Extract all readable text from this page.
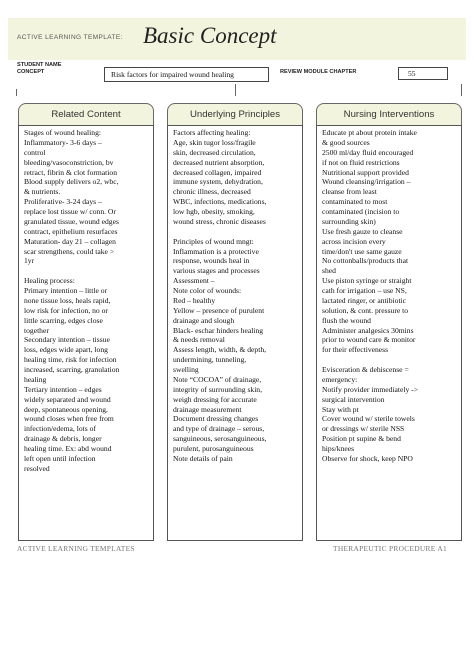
ACTIVE LEARNING TEMPLATE: Basic Concept
STUDENT NAME
CONCEPT	Risk factors for impaired wound healing	REVIEW MODULE CHAPTER	55
Related Content	Underlying Principles	Nursing Interventions
Stages of wound healing:
Inflammatory- 3-6 days –
control
bleeding/vasoconstriction, bv
retract, fibrin & clot formation
Blood supply delivers o2, wbc,
& nutrients.
Proliferative- 3-24 days –
replace lost tissue w/ conn. Or
granulated tissue, wound edges
contract, epithelium resurfaces
Maturation- day 21 – collagen
scar strengthens, could take >
1yr
Healing process:
Primary intention – little or
none tissue loss, heals rapid,
low risk for infection, no or
little scarring, edges close
together
Secondary intention – tissue
loss, edges wide apart, long
healing time, risk for infection
increased, scarring, granulation
healing
Tertiary intention – edges
widely separated and wound
deep, spontaneous opening,
wound closes when free from
infection/edema, lots of
drainage & debris, longer
healing time. Ex: abd wound
left open until infection
resolved
Factors affecting healing:
Age, skin tugor loss/fragile
skin, decreased circulation,
decreased nutrient absorption,
decreased collagen, impaired
immune system, dehydration,
chronic illness, decreased
WBC, infections, medications,
low hgb, obesity, smoking,
wound stress, chronic diseases
Principles of wound mngt:
Inflammation is a protective
response, wounds heal in
various stages and processes
Assessment –
Note color of wounds:
Red – healthy
Yellow – presence of purulent
drainage and slough
Black- eschar hinders healing
& needs removal
Assess length, width, & depth,
undermining, tunneling,
swelling
Note “COCOA” of drainage,
integrity of surrounding skin,
weigh dressing for accurate
drainage measurement
Document dressing changes
and type of drainage – serous,
sanguineous, serosanguineous,
purulent, purosanguineous
Note details of pain
Educate pt about protein intake
& good sources
2500 ml/day fluid encouraged
if not on fluid restrictions
Nutritional support provided
Wound cleansing/irrigation –
cleanse from least
contaminated to most
contaminated (incision to
surrounding skin)
Use fresh gauze to cleanse
across incision every
time/don't use same gauze
No cottonballs/products that
shed
Use piston syringe or straight
cath for irrigation – use NS,
lactated ringer, or antibiotic
solution, & cont. pressure to
flush the wound
Administer analgesics 30mins
prior to wound care & monitor
for their effectiveness
Evisceration & dehiscense =
emergency:
Notify provider immediately ->
surgical intervention
Stay with pt
Cover wound w/ sterile towels
or dressings w/ sterile NSS
Position pt supine & bend
hips/knees
Observe for shock, keep NPO
ACTIVE LEARNING TEMPLATES	THERAPEUTIC PROCEDURE A1
